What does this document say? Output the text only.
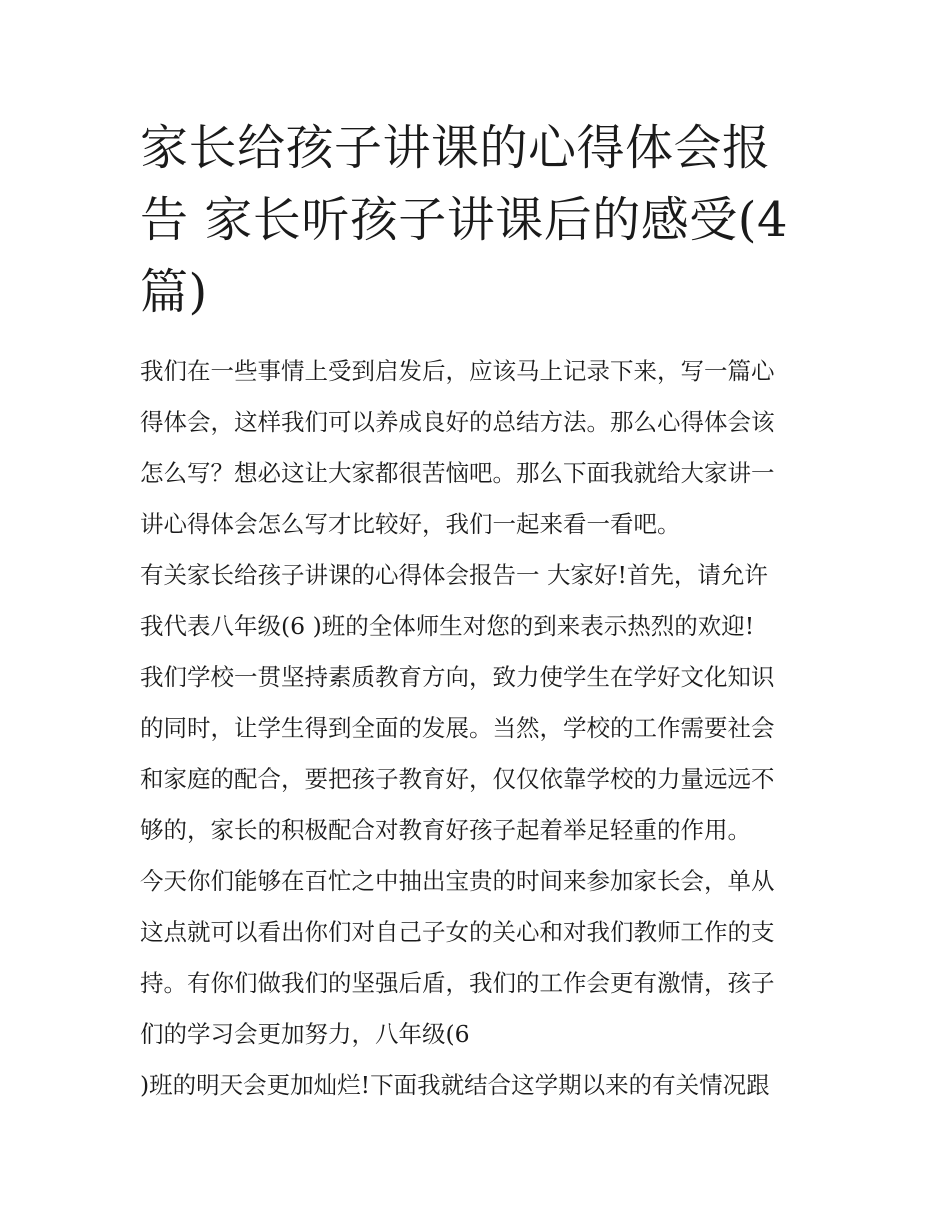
家长给孩子讲课的心得体会报
告 家长听孩子讲课后的感受(4
篇)

我们在一些事情上受到启发后，应该马上记录下来，写一篇心
得体会，这样我们可以养成良好的总结方法。那么心得体会该
怎么写？想必这让大家都很苦恼吧。那么下面我就给大家讲一
讲心得体会怎么写才比较好，我们一起来看一看吧。

有关家长给孩子讲课的心得体会报告一 大家好!首先，请允许
我代表八年级(6 )班的全体师生对您的到来表示热烈的欢迎!

我们学校一贯坚持素质教育方向，致力使学生在学好文化知识
的同时，让学生得到全面的发展。当然，学校的工作需要社会
和家庭的配合，要把孩子教育好，仅仅依靠学校的力量远远不
够的，家长的积极配合对教育好孩子起着举足轻重的作用。

今天你们能够在百忙之中抽出宝贵的时间来参加家长会，单从
这点就可以看出你们对自己子女的关心和对我们教师工作的支
持。有你们做我们的坚强后盾，我们的工作会更有激情，孩子
们的学习会更加努力，八年级(6

)班的明天会更加灿烂!下面我就结合这学期以来的有关情况跟
